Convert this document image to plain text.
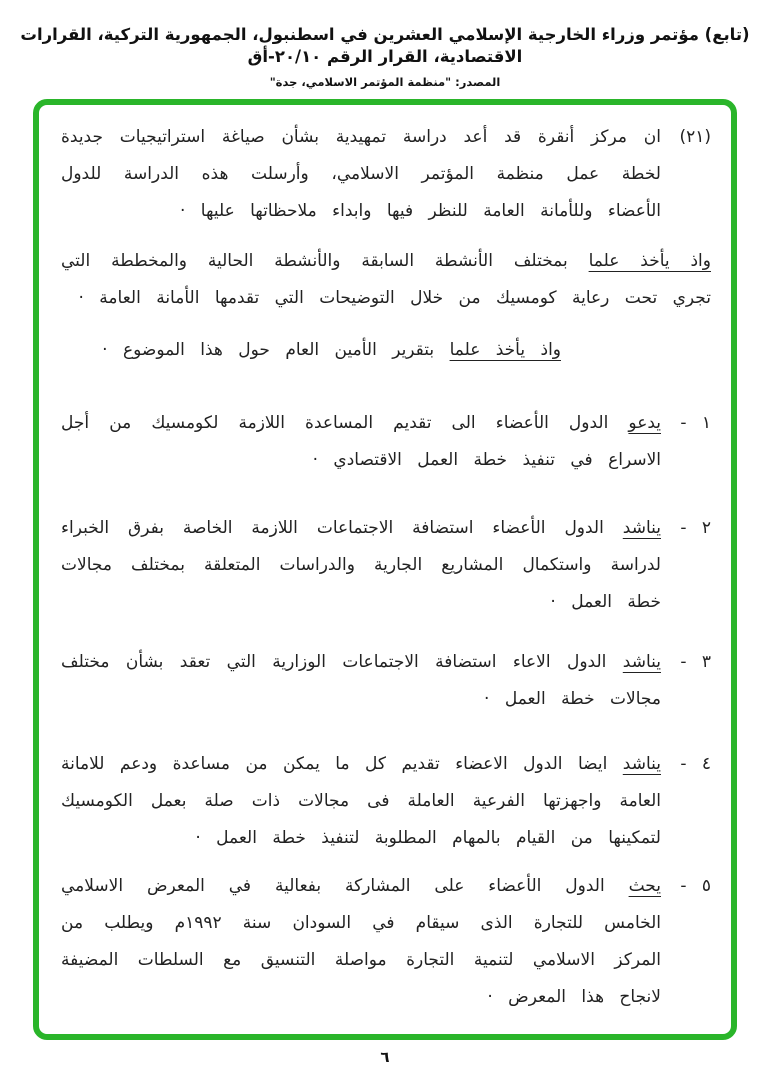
(تابع) مؤتمر وزراء الخارجية الإسلامي العشرين في اسطنبول، الجمهورية التركية، القرارات الاقتصادية، القرار الرقم ٢٠/١٠-أق
المصدر: "منظمة المؤتمر الاسلامي، جدة"
(٢١)
ان مركز أنقرة قد أعد دراسة تمهيدية بشأن صياغة استراتيجيات جديدة لخطة عمل منظمة المؤتمر الاسلامي، وأرسلت هذه الدراسة للدول الأعضاء وللأمانة العامة للنظر فيها وابداء ملاحظاتها عليها ·

واذ يأخذ علما بمختلف الأنشطة السابقة والأنشطة الحالية والمخططة التي تجري تحت رعاية كومسيك من خلال التوضيحات التي تقدمها الأمانة العامة ·

واذ يأخذ علما بتقرير الأمين العام حول هذا الموضوع ·

١ -
يدعو الدول الأعضاء الى تقديم المساعدة اللازمة لكومسيك من أجل الاسراع في تنفيذ خطة العمل الاقتصادي ·
٢ -
يناشد الدول الأعضاء استضافة الاجتماعات اللازمة الخاصة بفرق الخبراء لدراسة واستكمال المشاريع الجارية والدراسات المتعلقة بمختلف مجالات خطة العمل ·
٣ -
يناشد الدول الاعاء استضافة الاجتماعات الوزارية التي تعقد بشأن مختلف مجالات خطة العمل ·
٤ -
يناشد ايضا الدول الاعضاء تقديم كل ما يمكن من مساعدة ودعم للامانة العامة واجهزتها الفرعية العاملة فى مجالات ذات صلة بعمل الكومسيك لتمكينها من القيام بالمهام المطلوبة لتنفيذ خطة العمل ·
٥ -
يحث الدول الأعضاء على المشاركة بفعالية في المعرض الاسلامي الخامس للتجارة الذى سيقام في السودان سنة ١٩٩٢م ويطلب من المركز الاسلامي لتنمية التجارة مواصلة التنسيق مع السلطات المضيفة لانجاح هذا المعرض ·
٦
